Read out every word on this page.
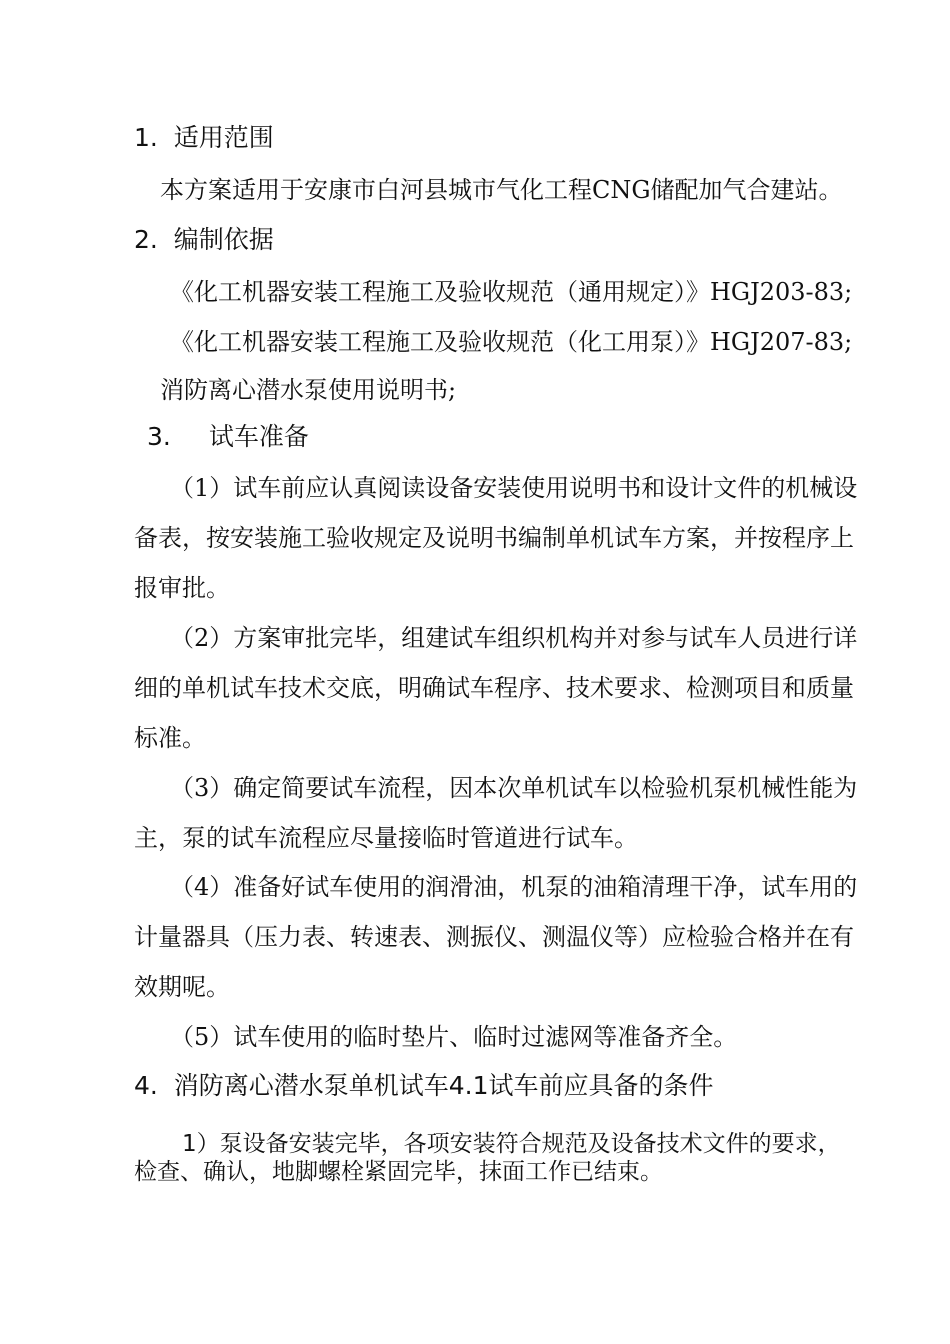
1. 适用范围
本方案适用于安康市白河县城市气化工程CNG储配加气合建站。
2. 编制依据
《化工机器安装工程施工及验收规范（通用规定）》HGJ203-83;
《化工机器安装工程施工及验收规范（化工用泵）》HGJ207-83;
消防离心潜水泵使用说明书;
3. 试车准备
（1）试车前应认真阅读设备安装使用说明书和设计文件的机械设
备表，按安装施工验收规定及说明书编制单机试车方案，并按程序上
报审批。
（2）方案审批完毕，组建试车组织机构并对参与试车人员进行详
细的单机试车技术交底，明确试车程序、技术要求、检测项目和质量
标准。
（3）确定简要试车流程，因本次单机试车以检验机泵机械性能为
主，泵的试车流程应尽量接临时管道进行试车。
（4）准备好试车使用的润滑油，机泵的油箱清理干净，试车用的
计量器具（压力表、转速表、测振仪、测温仪等）应检验合格并在有
效期呢。
（5）试车使用的临时垫片、临时过滤网等准备齐全。
4. 消防离心潜水泵单机试车4.1试车前应具备的条件
1）泵设备安装完毕，各项安装符合规范及设备技术文件的要求，
检查、确认，地脚螺栓紧固完毕，抹面工作已结束。
